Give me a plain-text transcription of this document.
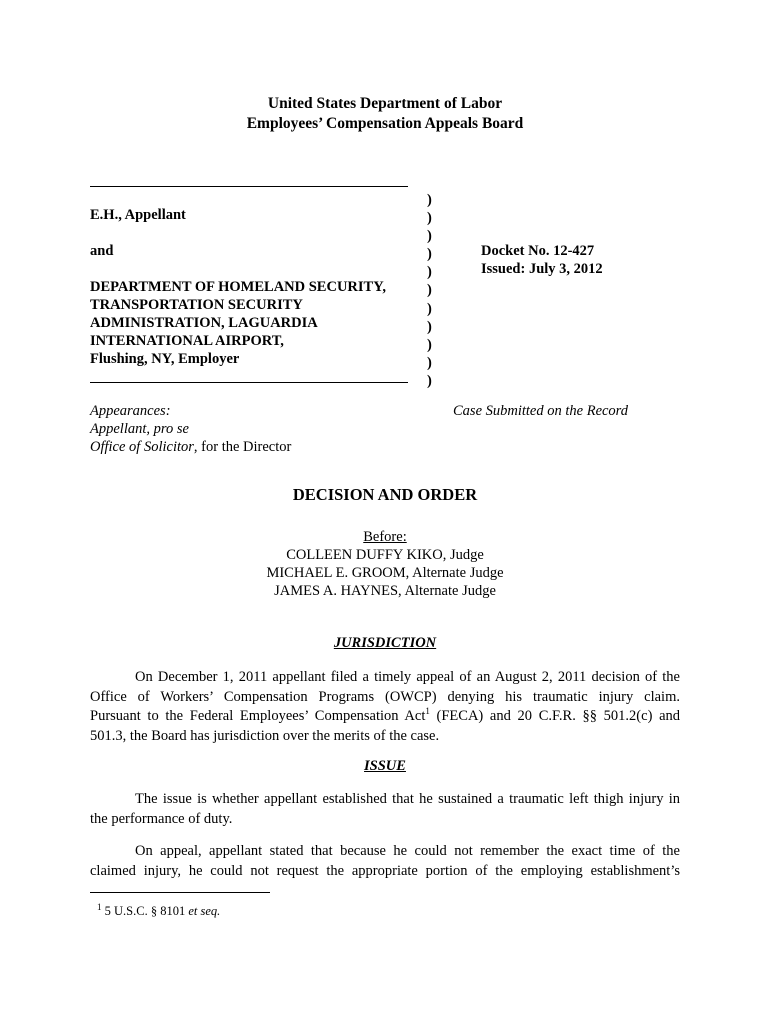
United States Department of Labor
Employees’ Compensation Appeals Board
E.H., Appellant
and
DEPARTMENT OF HOMELAND SECURITY,
TRANSPORTATION SECURITY
ADMINISTRATION, LAGUARDIA
INTERNATIONAL AIRPORT,
Flushing, NY, Employer
)
)
)
)
)
)
)
)
)
)
)
Docket No. 12-427
Issued: July 3, 2012
Appearances:
Appellant, pro se
Office of Solicitor, for the Director
Case Submitted on the Record
DECISION AND ORDER
Before:
COLLEEN DUFFY KIKO, Judge
MICHAEL E. GROOM, Alternate Judge
JAMES A. HAYNES, Alternate Judge
JURISDICTION
On December 1, 2011 appellant filed a timely appeal of an August 2, 2011 decision of the
Office of Workers’ Compensation Programs (OWCP) denying his traumatic injury claim.
Pursuant to the Federal Employees’ Compensation Act$^1$ (FECA) and 20 C.F.R. §§ 501.2(c) and
501.3, the Board has jurisdiction over the merits of the case.
ISSUE
The issue is whether appellant established that he sustained a traumatic left thigh injury in
the performance of duty.
On appeal, appellant stated that because he could not remember the exact time of the
claimed injury, he could not request the appropriate portion of the employing establishment’s
$^1$ 5 U.S.C. § 8101 et seq.
